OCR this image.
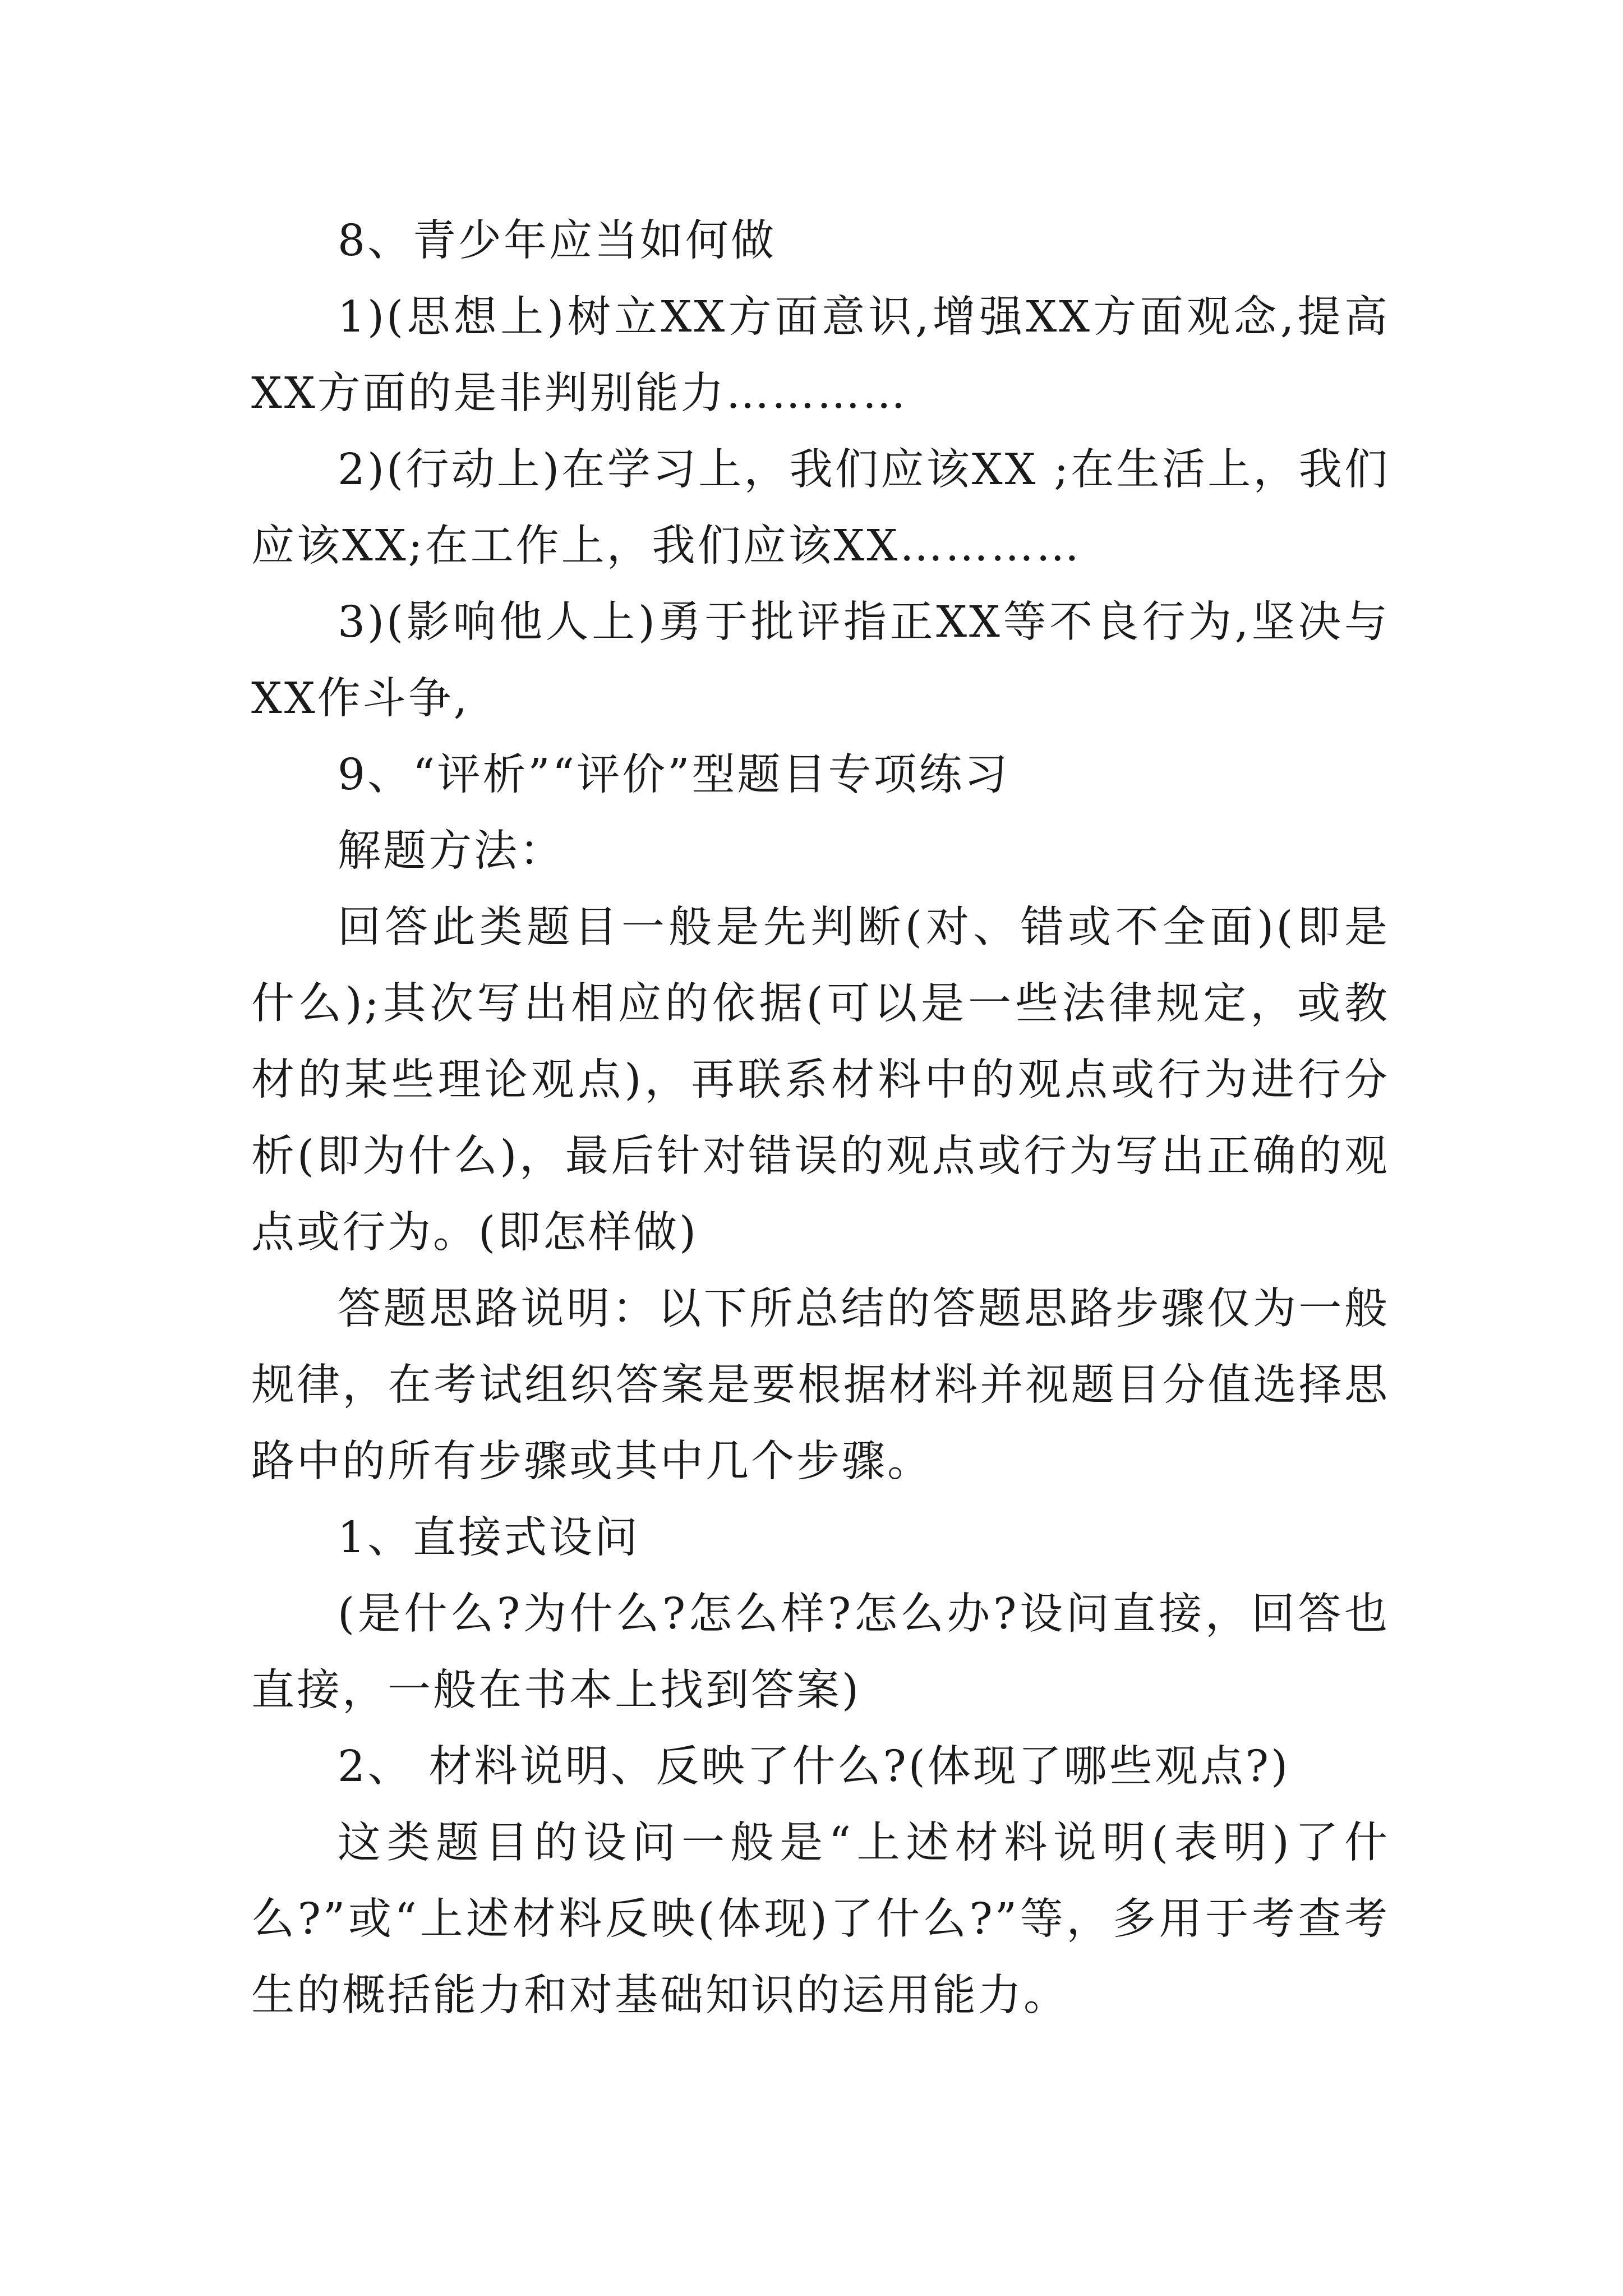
8、青少年应当如何做

1)(思想上)树立XX方面意识,增强XX方面观念,提高XX方面的是非判别能力…………

2)(行动上)在学习上，我们应该XX ;在生活上，我们应该XX;在工作上，我们应该XX…………

3)(影响他人上)勇于批评指正XX等不良行为,坚决与XX作斗争,

9、“评析”“评价”型题目专项练习

解题方法：

回答此类题目一般是先判断(对、错或不全面)(即是什么);其次写出相应的依据(可以是一些法律规定，或教材的某些理论观点)，再联系材料中的观点或行为进行分析(即为什么)，最后针对错误的观点或行为写出正确的观点或行为。(即怎样做)

答题思路说明：以下所总结的答题思路步骤仅为一般规律，在考试组织答案是要根据材料并视题目分值选择思路中的所有步骤或其中几个步骤。

1、直接式设问

(是什么?为什么?怎么样?怎么办?设问直接，回答也直接，一般在书本上找到答案)

2、 材料说明、反映了什么?(体现了哪些观点?)

这类题目的设问一般是“上述材料说明(表明)了什么?”或“上述材料反映(体现)了什么?”等，多用于考查考生的概括能力和对基础知识的运用能力。
